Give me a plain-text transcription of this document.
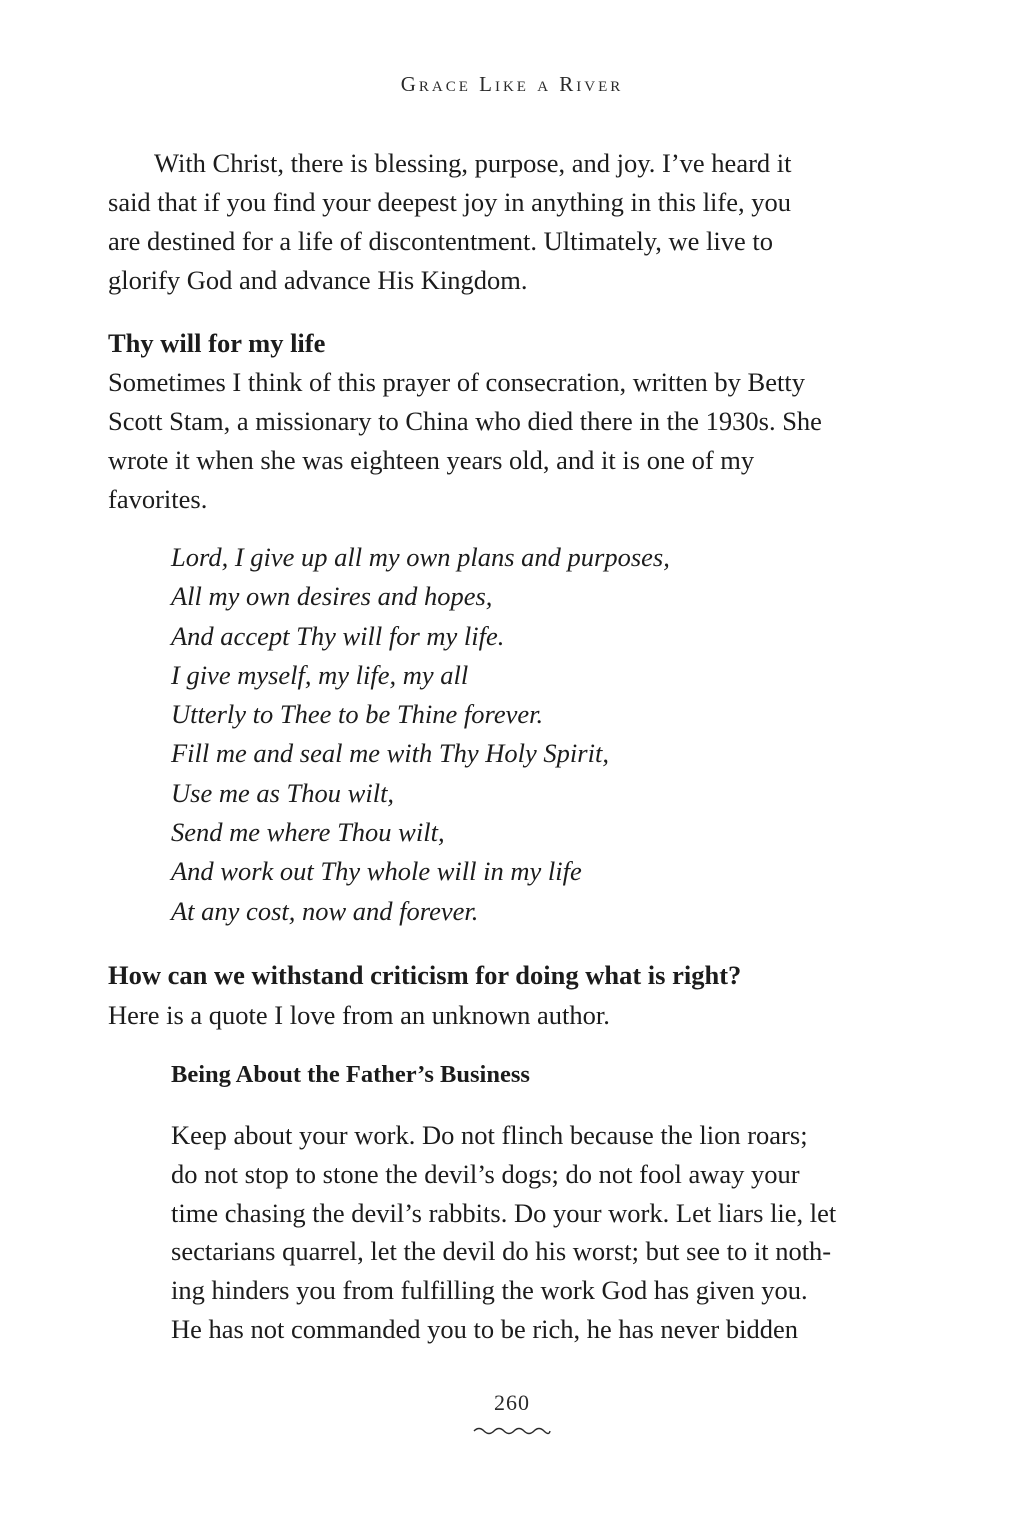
Grace Like a River
With Christ, there is blessing, purpose, and joy. I’ve heard it
said that if you find your deepest joy in anything in this life, you
are destined for a life of discontentment. Ultimately, we live to
glorify God and advance His Kingdom.
Thy will for my life
Sometimes I think of this prayer of consecration, written by Betty
Scott Stam, a missionary to China who died there in the 1930s. She
wrote it when she was eighteen years old, and it is one of my
favorites.
Lord, I give up all my own plans and purposes,
All my own desires and hopes,
And accept Thy will for my life.
I give myself, my life, my all
Utterly to Thee to be Thine forever.
Fill me and seal me with Thy Holy Spirit,
Use me as Thou wilt,
Send me where Thou wilt,
And work out Thy whole will in my life
At any cost, now and forever.
How can we withstand criticism for doing what is right?
Here is a quote I love from an unknown author.
Being About the Father’s Business
Keep about your work. Do not flinch because the lion roars;
do not stop to stone the devil’s dogs; do not fool away your
time chasing the devil’s rabbits. Do your work. Let liars lie, let
sectarians quarrel, let the devil do his worst; but see to it noth-
ing hinders you from fulfilling the work God has given you.
He has not commanded you to be rich, he has never bidden
260
